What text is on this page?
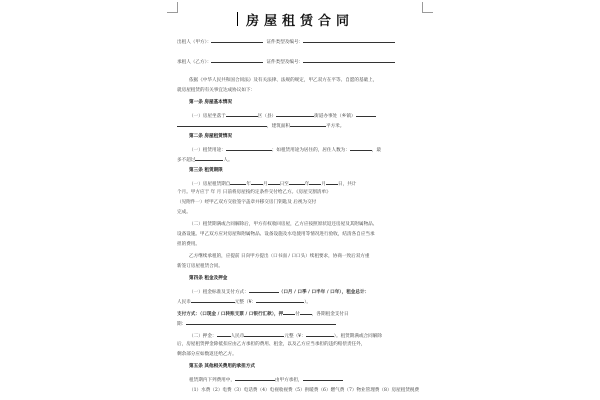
房屋租赁合同
出租人（甲方）：	证件类型及编号：
承租人（乙方）：	证件类型及编号：
依据《中华人民共和国合同法》及有关法律、法规的规定，甲乙双方在平等、自愿的基础上，
就房屋租赁的有关事宜达成协议如下：
第一条 房屋基本情况
（一）房屋坐落于	区（县）	街道办事处（乡镇）
，建筑面积	平方米。
第二条 房屋租赁情况
（一）租赁用途：	；如租赁用途为居住的，居住人数为：	，最
多不超过	人。
第三条 租赁期限
（一）房屋租赁期自	年	月	日至	年	月	日，共计
个月。甲方应于 年 月 日前将房屋按约定条件交付给乙方。《房屋交割清单》
（见附件一）经甲乙双方交验签字盖章并移交房门钥匙及 后视为交付
完成。
（二）租赁期满或合同解除后，甲方有权收回房屋，乙方应按照原状返还房屋及其附属物品、
设备设施。甲乙双方应对房屋和附属物品、设备设施及水电使用等情况进行验收，结清各自应当承
担的费用。
乙方继续承租的，应提前 日向甲方提出（口书面 / 口口头）续租要求，协商一致后双方重
新签订房屋租赁合同。
第四条 租金及押金
（一）租金标准及支付方式：	（口月 / 口季 / 口半年 / 口年），租金总计：
人民币	元整（¥：	）。
支付方式：（口现金 / 口转账支票 / 口银行汇款），押	付	，各期租金支付日
期：
（二）押金：	人民币	元整（¥：	）。租赁期满或合同解除
后，房屋租赁押金除抵扣应由乙方承担的费用、租金，以及乙方应当承担的违约赔偿责任外，
剩余部分应如数返还给乙方。
第五条 其他相关费用的承担方式
租赁期内下列费用中，	由甲方承担，
（1）水费（2）电费（3）电话费（4）电视收视费（5）供暖费（6）燃气费（7）物业管理费（8）房屋租赁税费
